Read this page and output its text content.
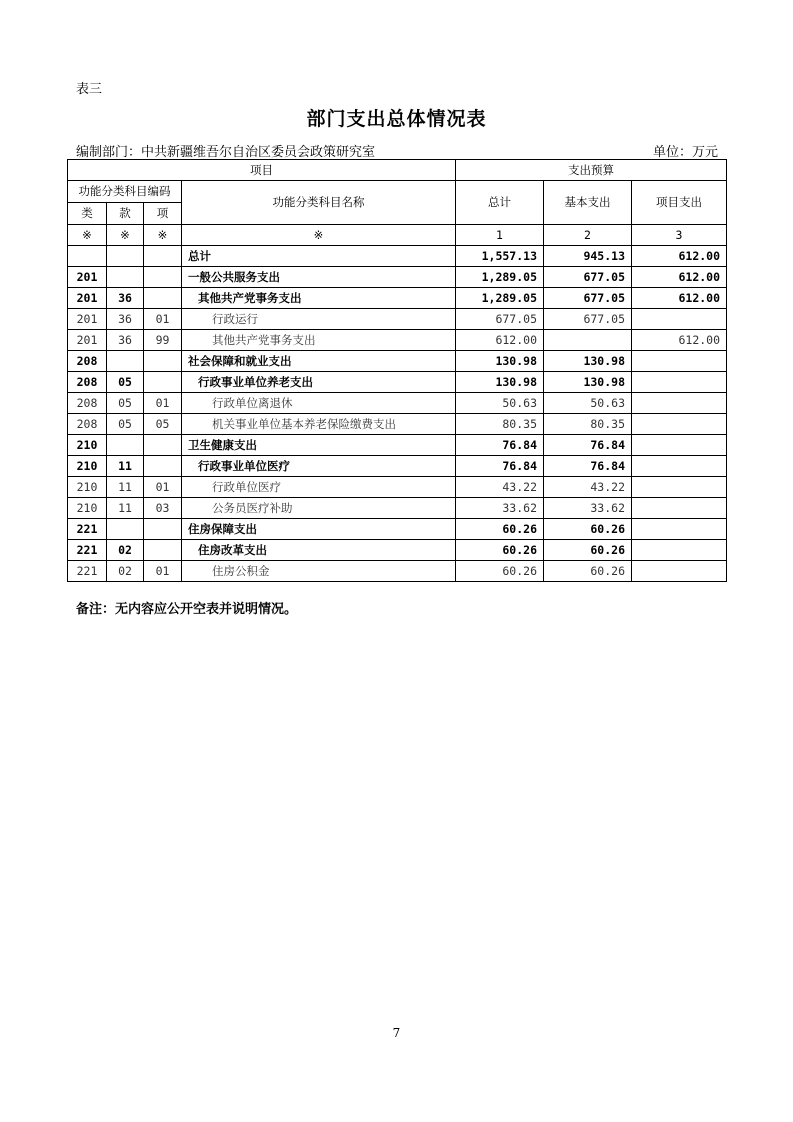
表三
部门支出总体情况表
编制部门：中共新疆维吾尔自治区委员会政策研究室	单位：万元
项目				支出预算		
功能分类科目编码			功能分类科目名称	总计	基本支出	项目支出
类	款	项				
※	※	※	※	1	2	3
			总计	1,557.13	945.13	612.00
201			一般公共服务支出	1,289.05	677.05	612.00
201	36		其他共产党事务支出	1,289.05	677.05	612.00
201	36	01	行政运行	677.05	677.05	
201	36	99	其他共产党事务支出	612.00		612.00
208			社会保障和就业支出	130.98	130.98	
208	05		行政事业单位养老支出	130.98	130.98	
208	05	01	行政单位离退休	50.63	50.63	
208	05	05	机关事业单位基本养老保险缴费支出	80.35	80.35	
210			卫生健康支出	76.84	76.84	
210	11		行政事业单位医疗	76.84	76.84	
210	11	01	行政单位医疗	43.22	43.22	
210	11	03	公务员医疗补助	33.62	33.62	
221			住房保障支出	60.26	60.26	
221	02		住房改革支出	60.26	60.26	
221	02	01	住房公积金	60.26	60.26	
备注：无内容应公开空表并说明情况。
7
